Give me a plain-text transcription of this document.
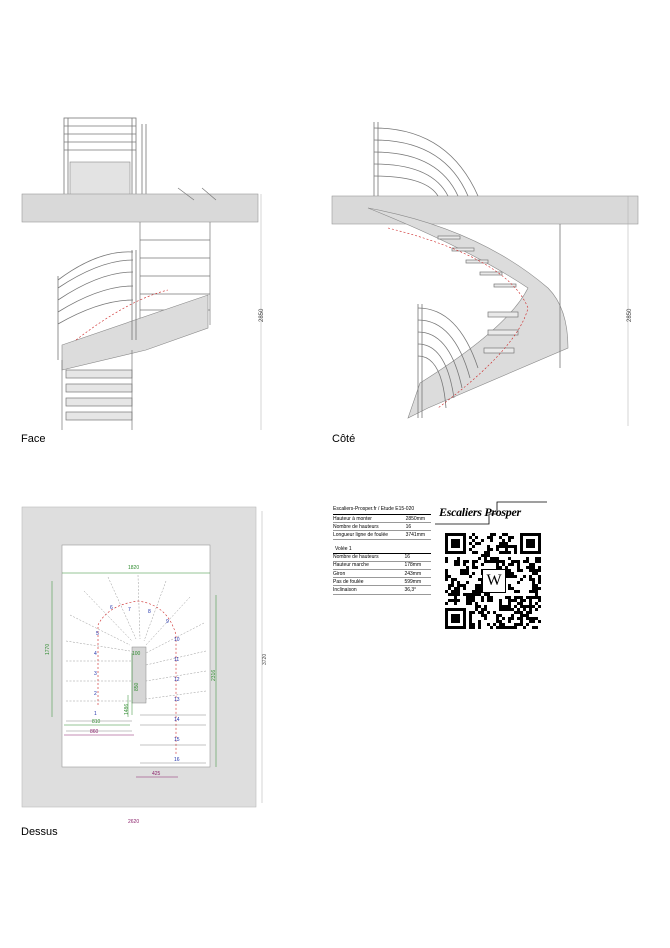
2850
Face
2850
Côté
1820
1770
2316
3720
810
860
425
850
1486
100
2620
1
2
3
4
5
6	7	8
9
10
11
12
13
14
15
16
Dessus
Escaliers-Prosper.fr / Etude E15-020
Hauteur à monter	2850mm
Nombre de hauteurs	16
Longueur ligne de foulée	3741mm
Volée 1
Nombre de hauteurs	16
Hauteur marche	178mm
Giron	243mm
Pas de foulée	599mm
Inclinaison	36,3°
Escaliers Prosper
W
